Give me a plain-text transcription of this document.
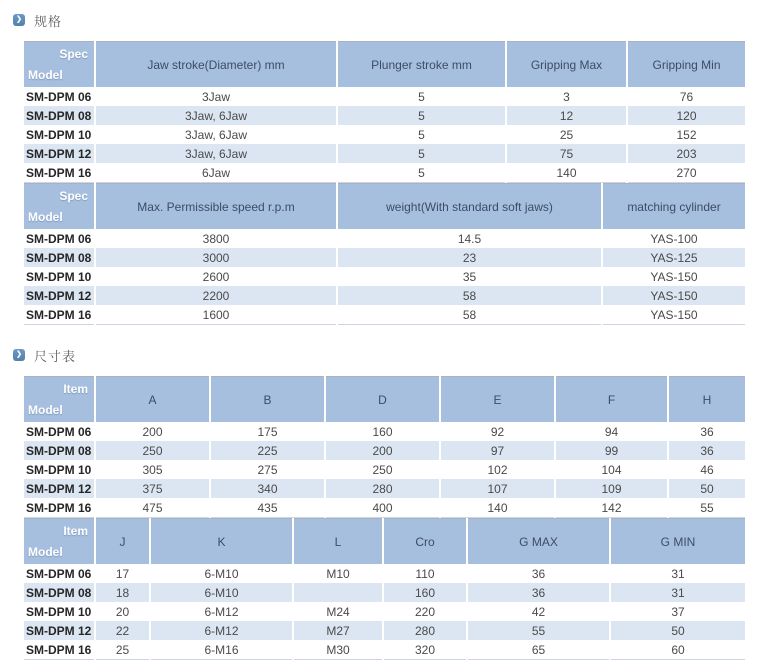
❯ 规格
Spec
Model	Jaw stroke(Diameter) mm	Plunger stroke mm	Gripping Max	Gripping Min
SM-DPM 06	3Jaw	5	3	76
SM-DPM 08	3Jaw, 6Jaw	5	12	120
SM-DPM 10	3Jaw, 6Jaw	5	25	152
SM-DPM 12	3Jaw, 6Jaw	5	75	203
SM-DPM 16	6Jaw	5	140	270
Spec
Model	Max. Permissible speed r.p.m	weight(With standard soft jaws)	matching cylinder
SM-DPM 06	3800	14.5	YAS-100
SM-DPM 08	3000	23	YAS-125
SM-DPM 10	2600	35	YAS-150
SM-DPM 12	2200	58	YAS-150
SM-DPM 16	1600	58	YAS-150
❯ 尺寸表
Item
Model	A	B	D	E	F	H
SM-DPM 06	200	175	160	92	94	36
SM-DPM 08	250	225	200	97	99	36
SM-DPM 10	305	275	250	102	104	46
SM-DPM 12	375	340	280	107	109	50
SM-DPM 16	475	435	400	140	142	55
Item
Model	J	K	L	Cro	G MAX	G MIN
SM-DPM 06	17	6-M10	M10	110	36	31
SM-DPM 08	18	6-M10		160	36	31
SM-DPM 10	20	6-M12	M24	220	42	37
SM-DPM 12	22	6-M12	M27	280	55	50
SM-DPM 16	25	6-M16	M30	320	65	60
